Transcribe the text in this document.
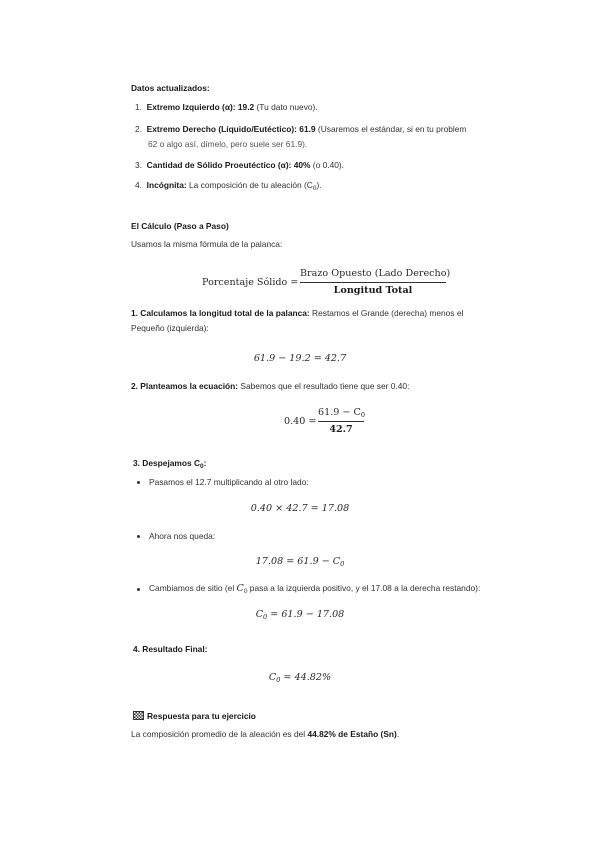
Datos actualizados:
1. Extremo Izquierdo (α): 19.2 (Tu dato nuevo).
2. Extremo Derecho (Líquido/Eutéctico): 61.9 (Usaremos el estándar, si en tu problem
62 o algo así, dímelo, pero suele ser 61.9).
3. Cantidad de Sólido Proeutéctico (α): 40% (o 0.40).
4. Incógnita: La composición de tu aleación $(C_0)$.
El Cálculo (Paso a Paso)
Usamos la misma fórmula de la palanca:
Porcentaje Sólido =
Brazo Opuesto (Lado Derecho)
Longitud Total
1. Calculamos la longitud total de la palanca: Restamos el Grande (derecha) menos el
Pequeño (izquierda):
61.9 − 19.2 = 42.7
2. Planteamos la ecuación: Sabemos que el resultado tiene que ser 0.40:
0.40 =
$61.9 - C_0$
42.7
3. Despejamos $C_0$:
Pasamos el 12.7 multiplicando al otro lado:
0.40 × 42.7 = 17.08
Ahora nos queda:
$17.08 = 61.9 - C_0$
Cambiamos de sitio (el $C_0$ pasa a la izquierda positivo, y el 17.08 a la derecha restando):
$C_0 = 61.9 - 17.08$
4. Resultado Final:
$C_0 = 44.82\%$
Respuesta para tu ejercicio
La composición promedio de la aleación es del 44.82% de Estaño (Sn).
